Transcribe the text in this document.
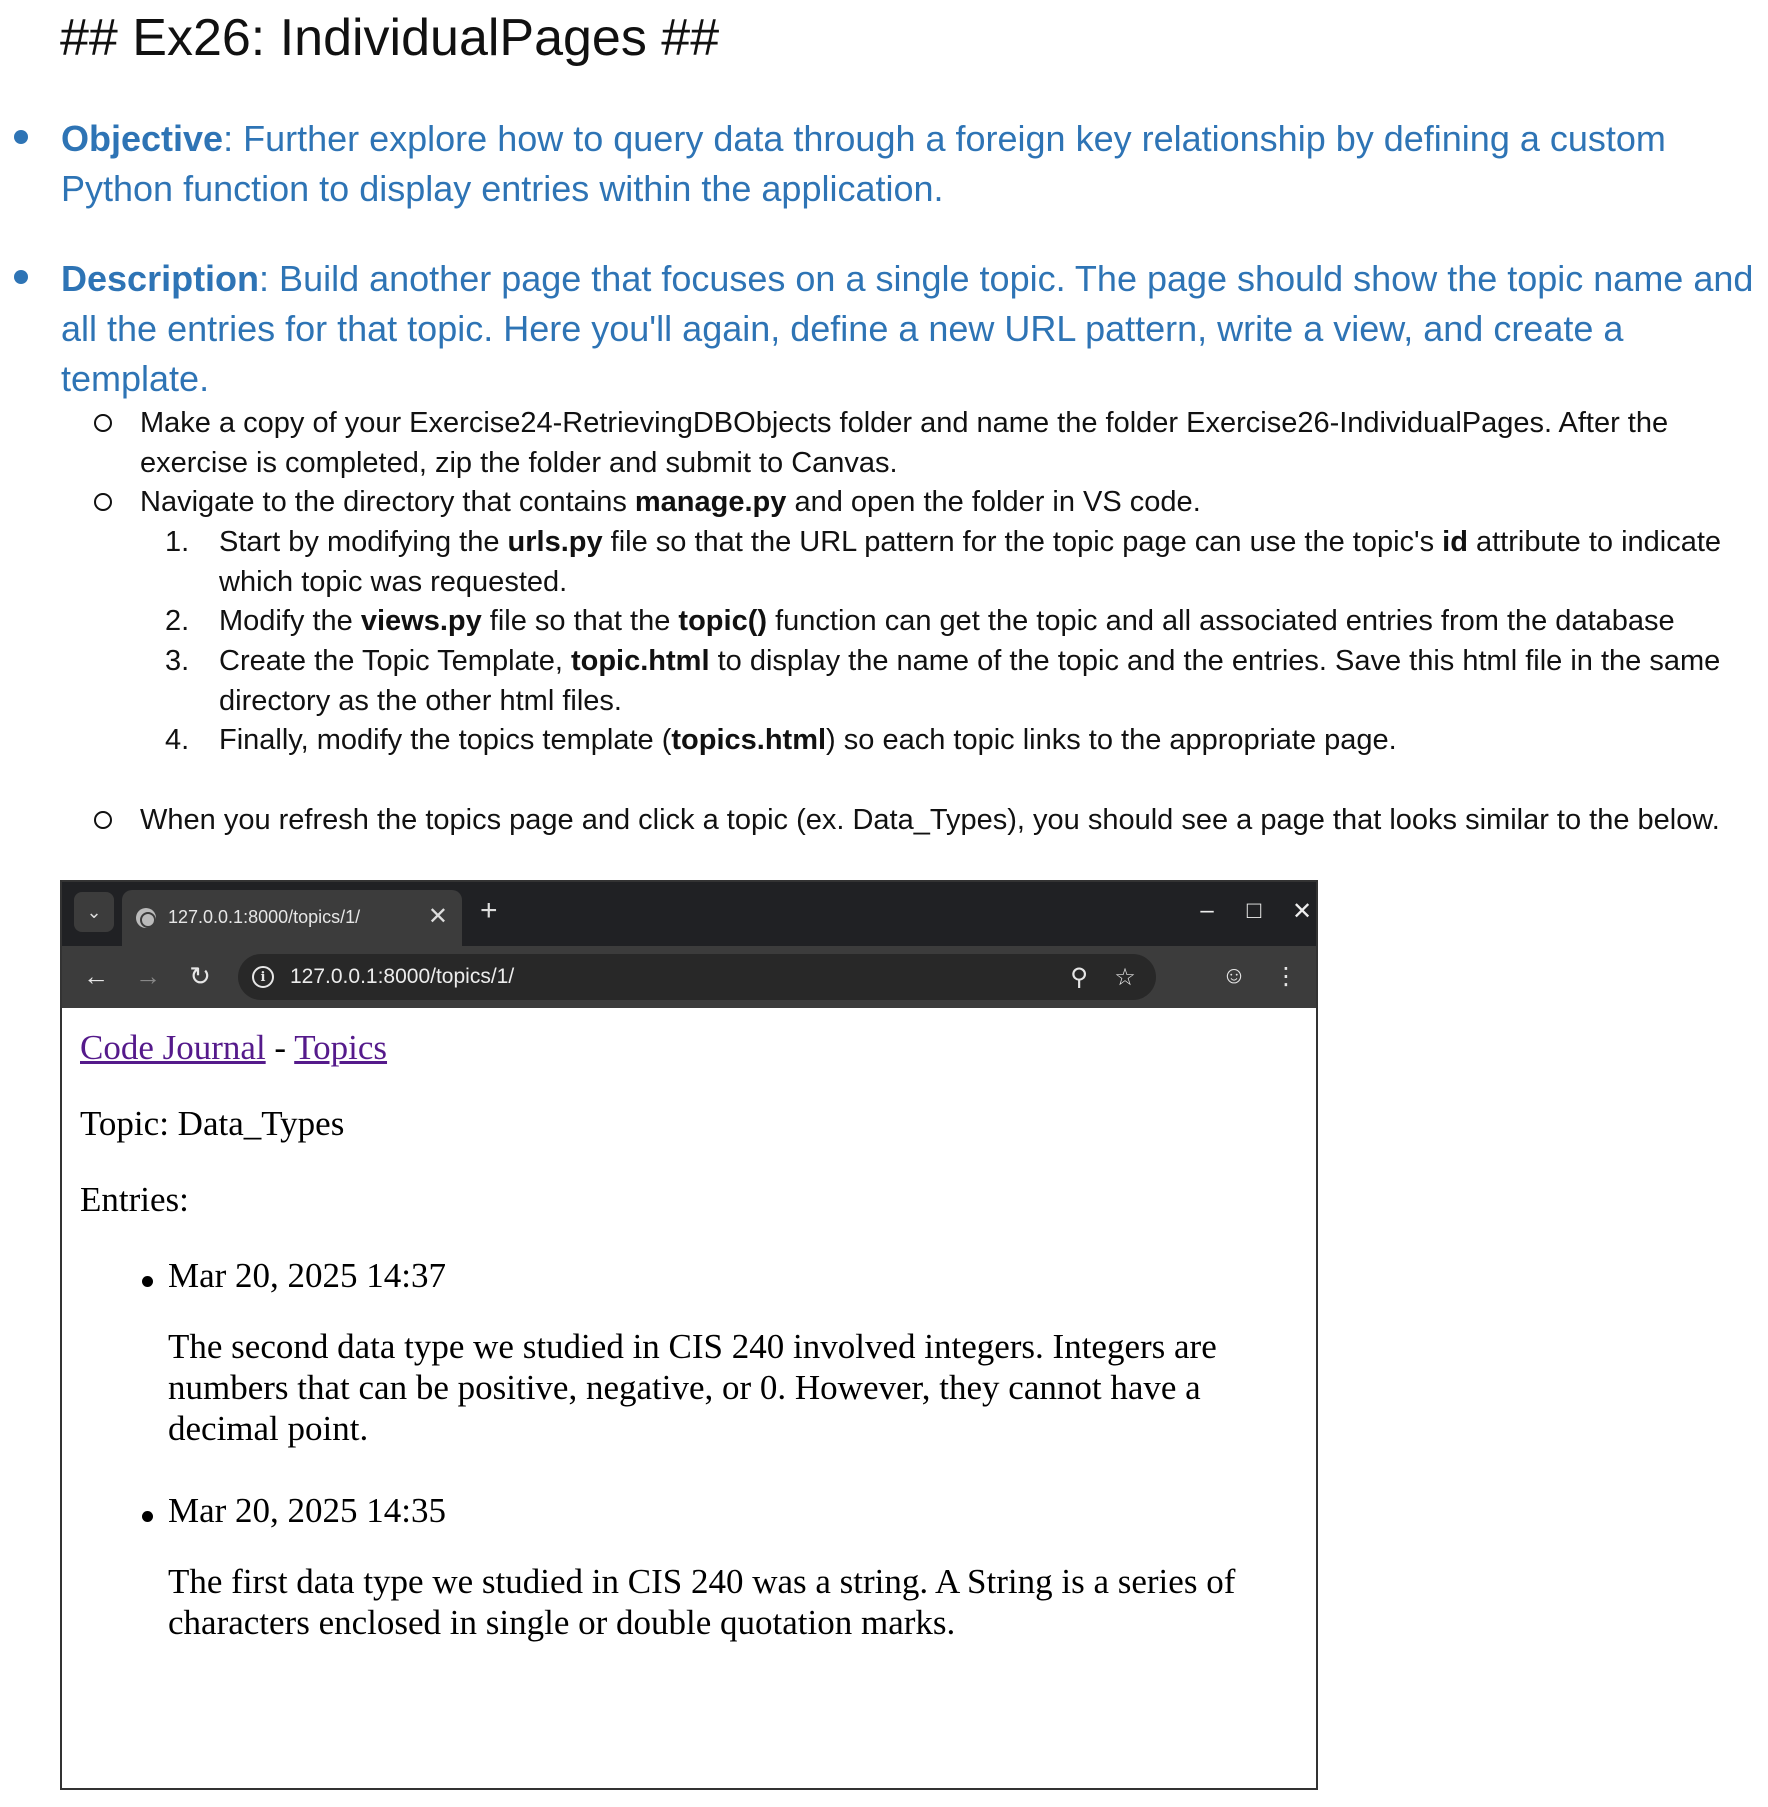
## Ex26: IndividualPages ##

Objective: Further explore how to query data through a foreign key relationship by defining a custom Python function to display entries within the application.

Description: Build another page that focuses on a single topic. The page should show the topic name and all the entries for that topic. Here you'll again, define a new URL pattern, write a view, and create a template.

Make a copy of your Exercise24-RetrievingDBObjects folder and name the folder Exercise26-IndividualPages. After the exercise is completed, zip the folder and submit to Canvas.

Navigate to the directory that contains manage.py and open the folder in VS code.

1. Start by modifying the urls.py file so that the URL pattern for the topic page can use the topic's id attribute to indicate which topic was requested.

2. Modify the views.py file so that the topic() function can get the topic and all associated entries from the database

3. Create the Topic Template, topic.html to display the name of the topic and the entries. Save this html file in the same directory as the other html files.

4. Finally, modify the topics template (topics.html) so each topic links to the appropriate page.

When you refresh the topics page and click a topic (ex. Data_Types), you should see a page that looks similar to the below.

⌄	127.0.0.1:8000/topics/1/	✕ +	–	□	✕
← → ↻	i	127.0.0.1:8000/topics/1/	⚲ ☆	☺ ⋮
Code Journal - Topics
Topic: Data_Types
Entries:
Mar 20, 2025 14:37
The second data type we studied in CIS 240 involved integers. Integers are numbers that can be positive, negative, or 0. However, they cannot have a decimal point.
Mar 20, 2025 14:35
The first data type we studied in CIS 240 was a string. A String is a series of characters enclosed in single or double quotation marks.
